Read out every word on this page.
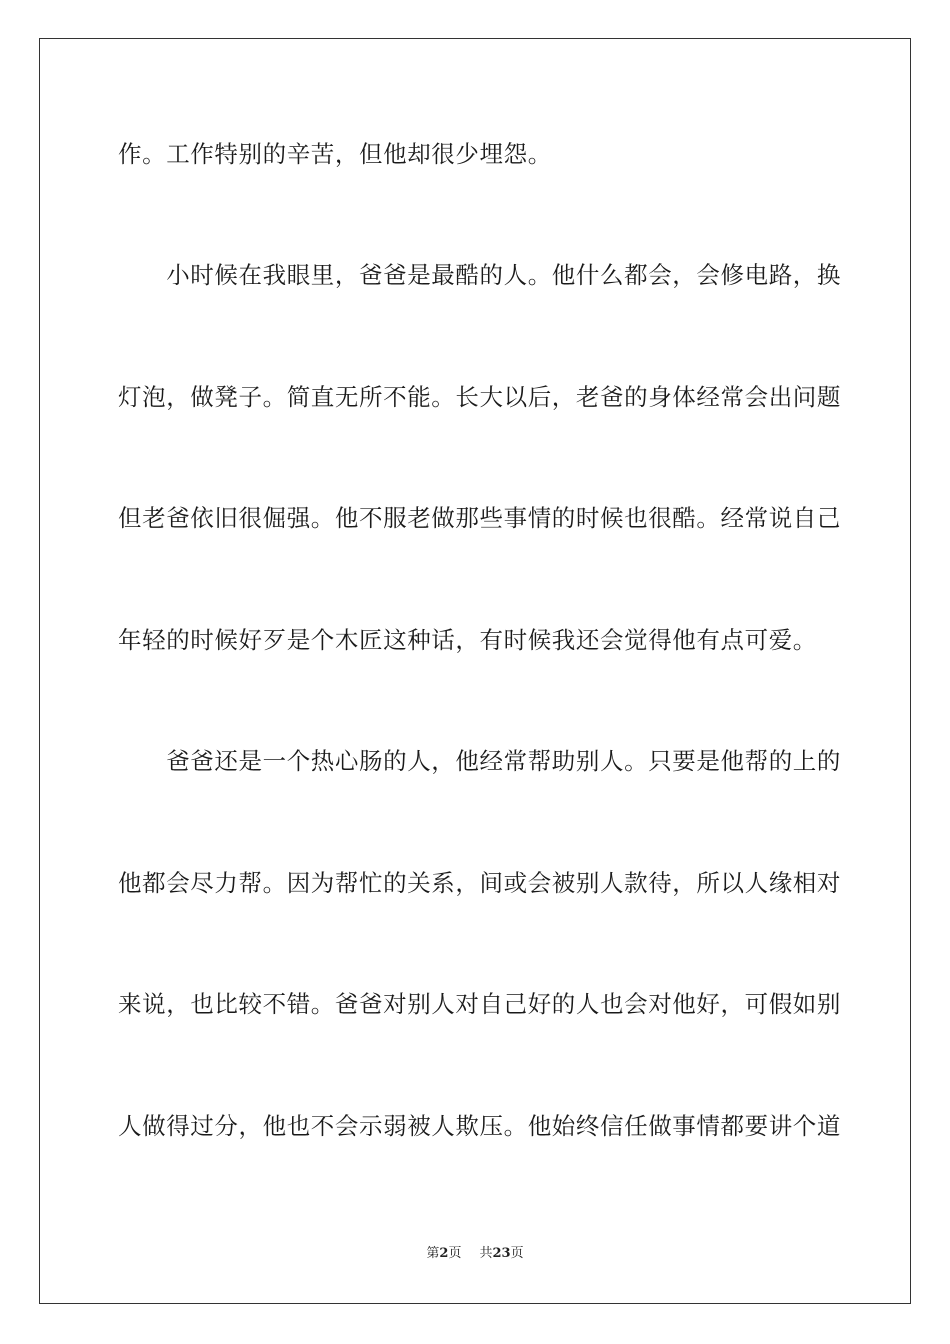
作。工作特别的辛苦，但他却很少埋怨。
　　小时候在我眼里，爸爸是最酷的人。他什么都会，会修电路，换
灯泡，做凳子。简直无所不能。长大以后，老爸的身体经常会出问题
但老爸依旧很倔强。他不服老做那些事情的时候也很酷。经常说自己
年轻的时候好歹是个木匠这种话，有时候我还会觉得他有点可爱。
　　爸爸还是一个热心肠的人，他经常帮助别人。只要是他帮的上的
他都会尽力帮。因为帮忙的关系，间或会被别人款待，所以人缘相对
来说，也比较不错。爸爸对别人对自己好的人也会对他好，可假如别
人做得过分，他也不会示弱被人欺压。他始终信任做事情都要讲个道
第2页 共23页
